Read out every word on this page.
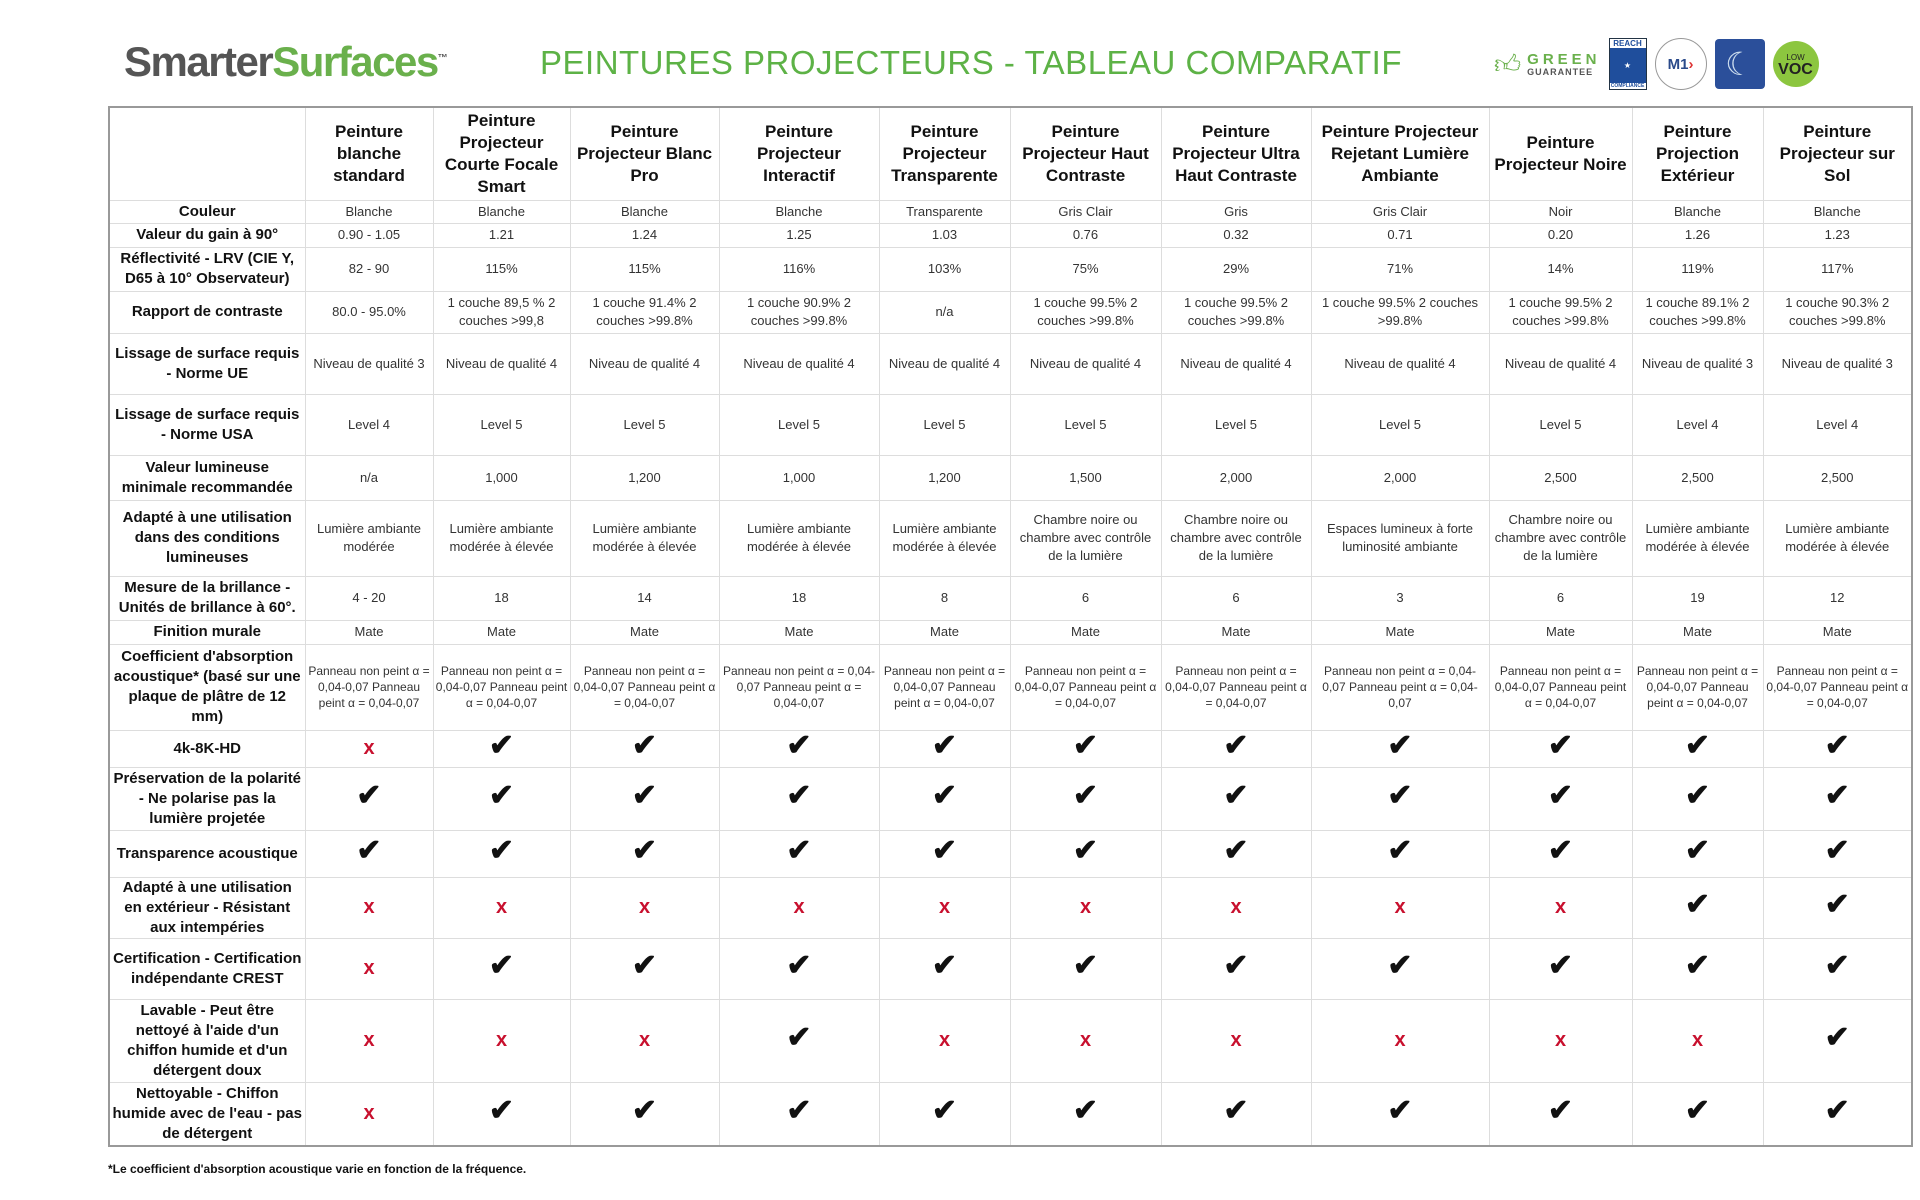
SmarterSurfaces™	PEINTURES PROJECTEURS - TABLEAU COMPARATIF	👍︎ GREEN
GUARANTEE
REACH
★
COMPLIANCE
M1 › ☾	LOW
VOC
	Peinture blanche standard	Peinture Projecteur Courte Focale Smart	Peinture Projecteur Blanc Pro	Peinture Projecteur Interactif	Peinture Projecteur Transparente	Peinture Projecteur Haut Contraste	Peinture Projecteur Ultra Haut Contraste	Peinture Projecteur Rejetant Lumière Ambiante	Peinture Projecteur Noire	Peinture Projection Extérieur	Peinture Projecteur sur Sol
Couleur	Blanche	Blanche	Blanche	Blanche	Transparente	Gris Clair	Gris	Gris Clair	Noir	Blanche	Blanche
Valeur du gain à 90°	0.90 - 1.05	1.21	1.24	1.25	1.03	0.76	0.32	0.71	0.20	1.26	1.23
Réflectivité - LRV (CIE Y, D65 à 10° Observateur)	82 - 90	115%	115%	116%	103%	75%	29%	71%	14%	119%	117%
Rapport de contraste	80.0 - 95.0%	1 couche 89,5 % 2 couches >99,8	1 couche 91.4% 2 couches >99.8%	1 couche 90.9% 2 couches >99.8%	n/a	1 couche 99.5% 2 couches >99.8%	1 couche 99.5% 2 couches >99.8%	1 couche 99.5% 2 couches >99.8%	1 couche 99.5% 2 couches >99.8%	1 couche 89.1% 2 couches >99.8%	1 couche 90.3% 2 couches >99.8%
Lissage de surface requis - Norme UE	Niveau de qualité 3	Niveau de qualité 4	Niveau de qualité 4	Niveau de qualité 4	Niveau de qualité 4	Niveau de qualité 4	Niveau de qualité 4	Niveau de qualité 4	Niveau de qualité 4	Niveau de qualité 3	Niveau de qualité 3
Lissage de surface requis - Norme USA	Level 4	Level 5	Level 5	Level 5	Level 5	Level 5	Level 5	Level 5	Level 5	Level 4	Level 4
Valeur lumineuse minimale recommandée	n/a	1,000	1,200	1,000	1,200	1,500	2,000	2,000	2,500	2,500	2,500
Adapté à une utilisation dans des conditions lumineuses	Lumière ambiante modérée	Lumière ambiante modérée à élevée	Lumière ambiante modérée à élevée	Lumière ambiante modérée à élevée	Lumière ambiante modérée à élevée	Chambre noire ou chambre avec contrôle de la lumière	Chambre noire ou chambre avec contrôle de la lumière	Espaces lumineux à forte luminosité ambiante	Chambre noire ou chambre avec contrôle de la lumière	Lumière ambiante modérée à élevée	Lumière ambiante modérée à élevée
Mesure de la brillance - Unités de brillance à 60°.	4 - 20	18	14	18	8	6	6	3	6	19	12
Finition murale	Mate	Mate	Mate	Mate	Mate	Mate	Mate	Mate	Mate	Mate	Mate
Coefficient d'absorption acoustique* (basé sur une plaque de plâtre de 12 mm)	Panneau non peint α = 0,04-0,07 Panneau peint α = 0,04-0,07	Panneau non peint α = 0,04-0,07 Panneau peint α = 0,04-0,07	Panneau non peint α = 0,04-0,07 Panneau peint α = 0,04-0,07	Panneau non peint α = 0,04-0,07 Panneau peint α = 0,04-0,07	Panneau non peint α = 0,04-0,07 Panneau peint α = 0,04-0,07	Panneau non peint α = 0,04-0,07 Panneau peint α = 0,04-0,07	Panneau non peint α = 0,04-0,07 Panneau peint α = 0,04-0,07	Panneau non peint α = 0,04-0,07 Panneau peint α = 0,04-0,07	Panneau non peint α = 0,04-0,07 Panneau peint α = 0,04-0,07	Panneau non peint α = 0,04-0,07 Panneau peint α = 0,04-0,07	Panneau non peint α = 0,04-0,07 Panneau peint α = 0,04-0,07
4k-8K-HD	x	✔	✔	✔	✔	✔	✔	✔	✔	✔	✔
Préservation de la polarité - Ne polarise pas la lumière projetée	✔	✔	✔	✔	✔	✔	✔	✔	✔	✔	✔
Transparence acoustique	✔	✔	✔	✔	✔	✔	✔	✔	✔	✔	✔
Adapté à une utilisation en extérieur - Résistant aux intempéries	x	x	x	x	x	x	x	x	x	✔	✔
Certification - Certification indépendante CREST	x	✔	✔	✔	✔	✔	✔	✔	✔	✔	✔
Lavable - Peut être nettoyé à l'aide d'un chiffon humide et d'un détergent doux	x	x	x	✔	x	x	x	x	x	x	✔
Nettoyable - Chiffon humide avec de l'eau - pas de détergent	x	✔	✔	✔	✔	✔	✔	✔	✔	✔	✔
*Le coefficient d'absorption acoustique varie en fonction de la fréquence.
